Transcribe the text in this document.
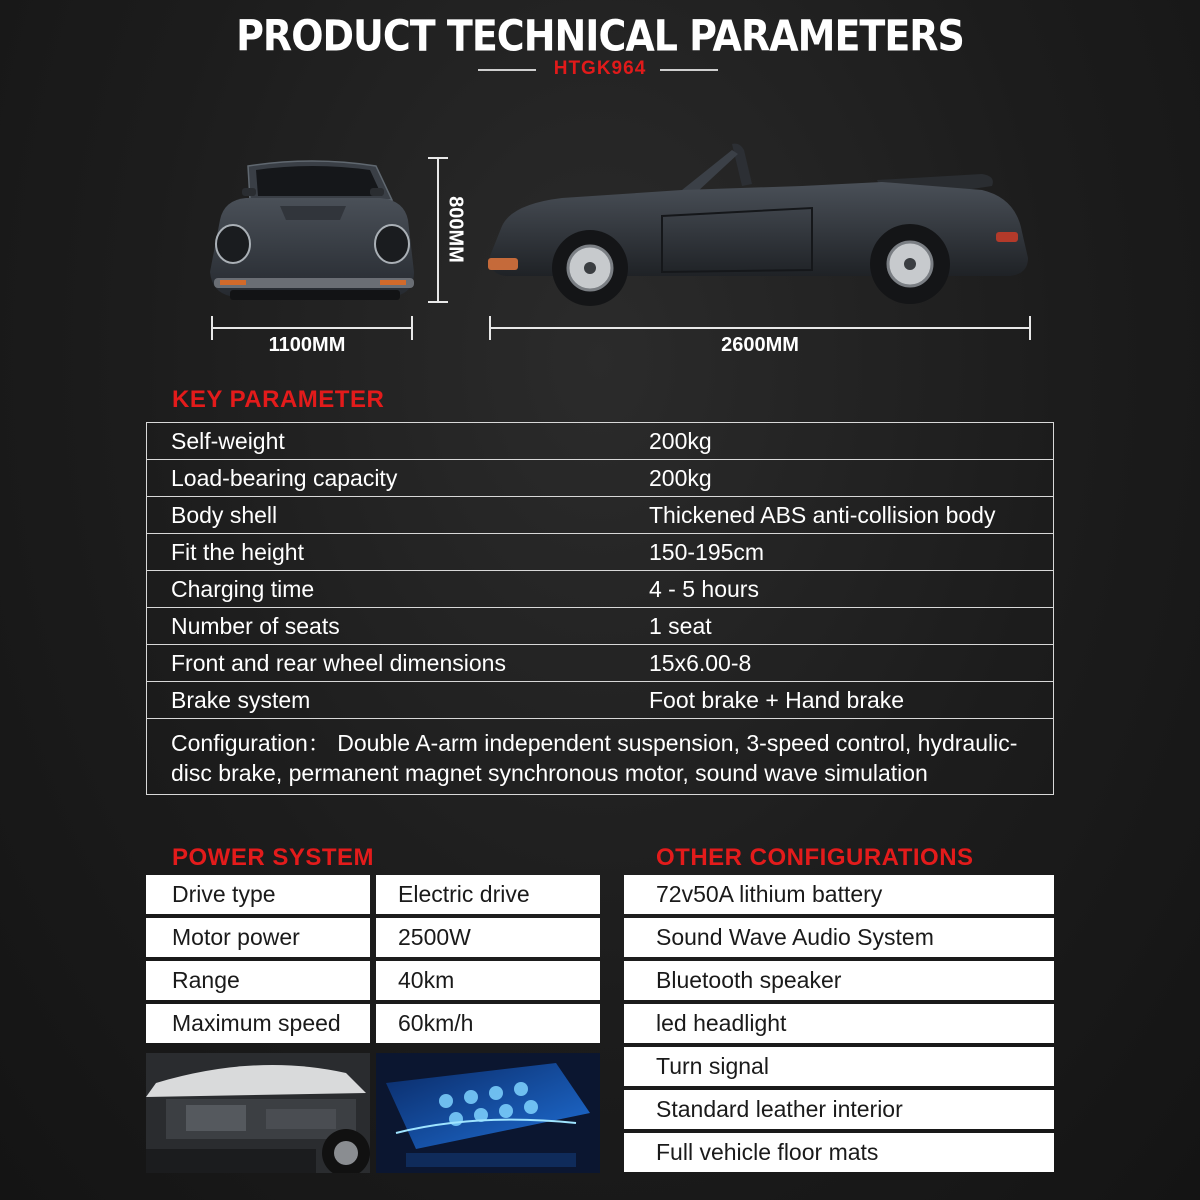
PRODUCT TECHNICAL PARAMETERS
HTGK964
800MM
1100MM	2600MM
KEY PARAMETER
Self-weight	200kg
Load-bearing capacity	200kg
Body shell	Thickened ABS anti-collision body
Fit the height	150-195cm
Charging time	4 - 5 hours
Number of seats	1 seat
Front and rear wheel dimensions	15x6.00-8
Brake system	Foot brake + Hand brake
Configuration： Double A-arm independent suspension, 3-speed control, hydraulic-disc brake, permanent magnet synchronous motor, sound wave simulation
POWER SYSTEM
Drive type	Electric drive
Motor power	2500W
Range	40km
Maximum speed	60km/h
OTHER CONFIGURATIONS
72v50A lithium battery
Sound Wave Audio System
Bluetooth speaker
led headlight
Turn signal
Standard leather interior
Full vehicle floor mats
